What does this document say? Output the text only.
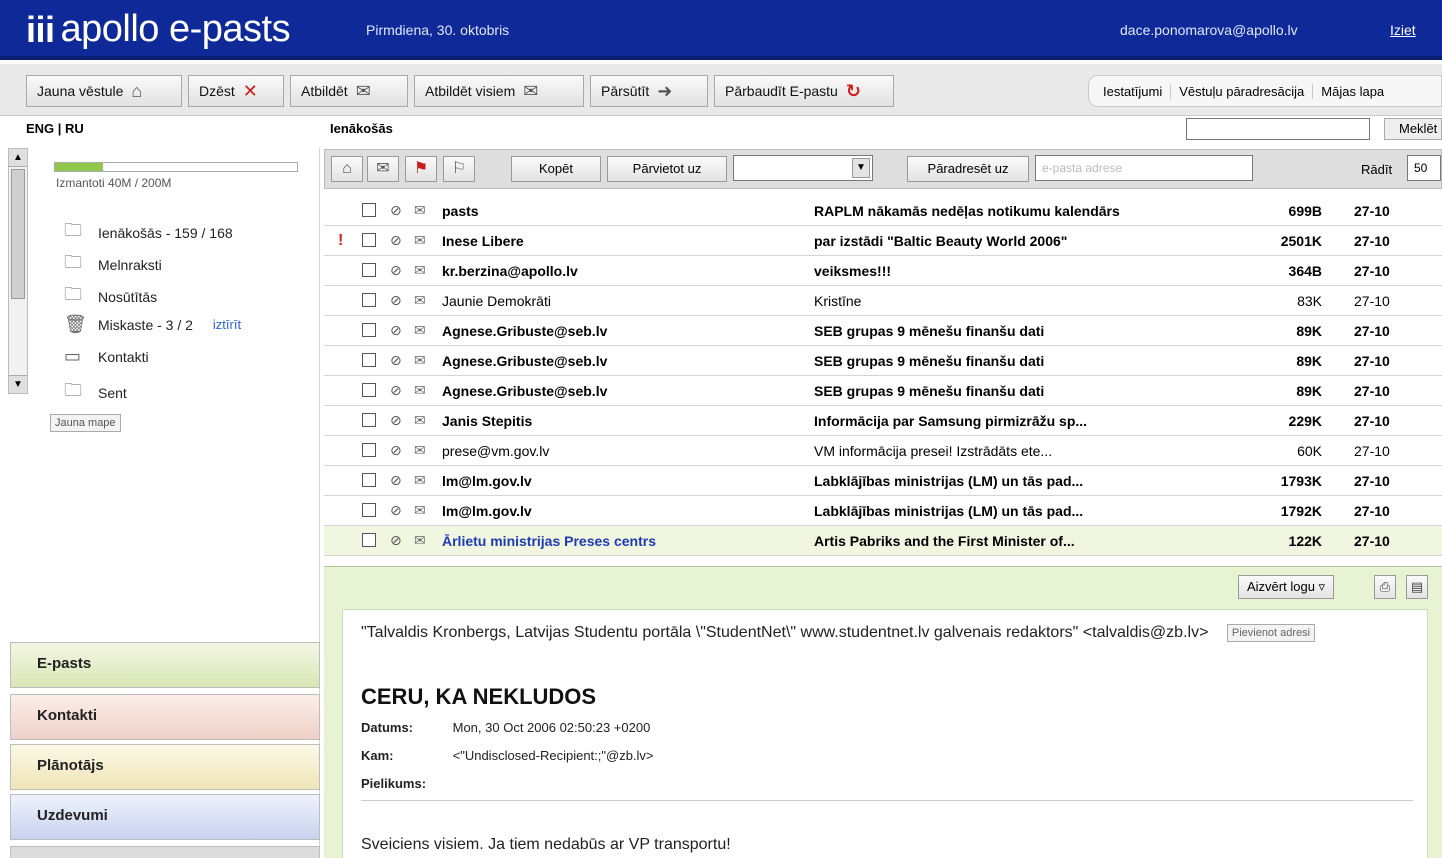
iii apollo e-pasts	Pirmdiena, 30. oktobris	dace.ponomarova@apollo.lv	Iziet
Jauna vēstule ⌂	Dzēst ✕	Atbildēt ✉	Atbildēt visiem ✉	Pārsūtīt ➜	Pārbaudīt E-pastu ↻	Iestatījumi	Vēstuļu pāradresācija	Mājas lapa
ENG | RU	Ienākošās	Meklēt
▲
▼
Izmantoti 40M / 200M
🗀	Ienākošās - 159 / 168
🗀	Melnraksti
🗀	Nosūtītās
🗑 Miskaste - 3 / 2 iztīrīt
▭	Kontakti
🗀	Sent
Jauna mape
E-pasts
Kontakti
Plānotājs
Uzdevumi
⌂	✉	⚑	⚐	Kopēt	Pārvietot uz	▼	Pāradresēt uz	e-pasta adrese	Rādīt	50
⊘ ✉ pasts	RAPLM nākamās nedēļas notikumu kalendārs	699B 27-10
!	⊘ ✉ Inese Libere	par izstādi "Baltic Beauty World 2006"	2501K 27-10
⊘ ✉ kr.berzina@apollo.lv	veiksmes!!!	364B 27-10
⊘ ✉ Jaunie Demokrāti	Kristīne	83K 27-10
⊘ ✉ Agnese.Gribuste@seb.lv	SEB grupas 9 mēnešu finanšu dati	89K 27-10
⊘ ✉ Agnese.Gribuste@seb.lv	SEB grupas 9 mēnešu finanšu dati	89K 27-10
⊘ ✉ Agnese.Gribuste@seb.lv	SEB grupas 9 mēnešu finanšu dati	89K 27-10
⊘ ✉ Janis Stepitis	Informācija par Samsung pirmizrāžu sp...	229K 27-10
⊘ ✉ prese@vm.gov.lv	VM informācija presei! Izstrādāts ete...	60K 27-10
⊘ ✉ lm@lm.gov.lv	Labklājības ministrijas (LM) un tās pad...	1793K 27-10
⊘ ✉ lm@lm.gov.lv	Labklājības ministrijas (LM) un tās pad...	1792K 27-10
⊘ ✉ Ārlietu ministrijas Preses centrs	Artis Pabriks and the First Minister of...	122K 27-10
Aizvērt logu ▿	⎙	▤
"Talvaldis Kronbergs, Latvijas Studentu portāla \"StudentNet\" www.studentnet.lv galvenais redaktors" <talvaldis@zb.lv> Pievienot adresi
CERU, KA NEKLUDOS
Datums:	Mon, 30 Oct 2006 02:50:23 +0200
Kam:	<"Undisclosed-Recipient:;"@zb.lv>
Pielikums:
Sveiciens visiem. Ja tiem nedabūs ar VP transportu!
